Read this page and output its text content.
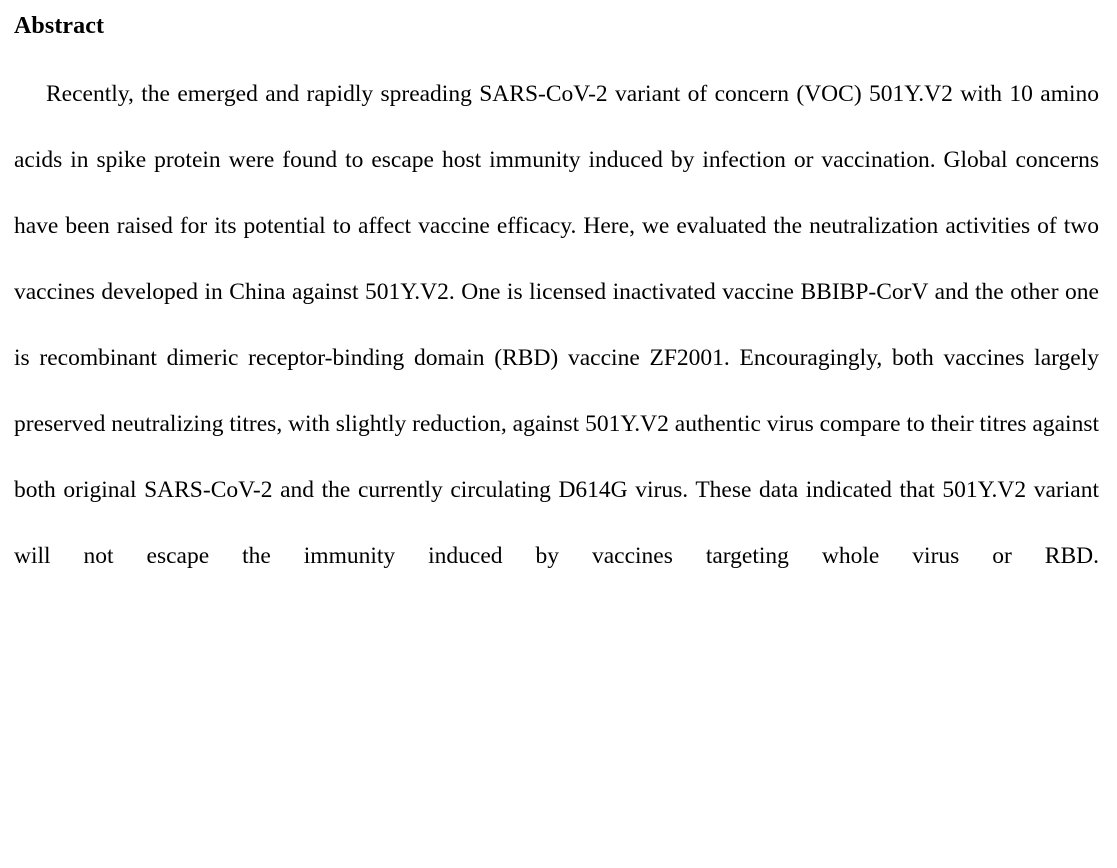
Abstract

Recently, the emerged and rapidly spreading SARS-CoV-2 variant of concern (VOC) 501Y.V2 with 10 amino acids in spike protein were found to escape host immunity induced by infection or vaccination. Global concerns have been raised for its potential to affect vaccine efficacy. Here, we evaluated the neutralization activities of two vaccines developed in China against 501Y.V2. One is licensed inactivated vaccine BBIBP-CorV and the other one is recombinant dimeric receptor-binding domain (RBD) vaccine ZF2001. Encouragingly, both vaccines largely preserved neutralizing titres, with slightly reduction, against 501Y.V2 authentic virus compare to their titres against both original SARS-CoV-2 and the currently circulating D614G virus. These data indicated that 501Y.V2 variant will not escape the immunity induced by vaccines targeting whole virus or RBD.
